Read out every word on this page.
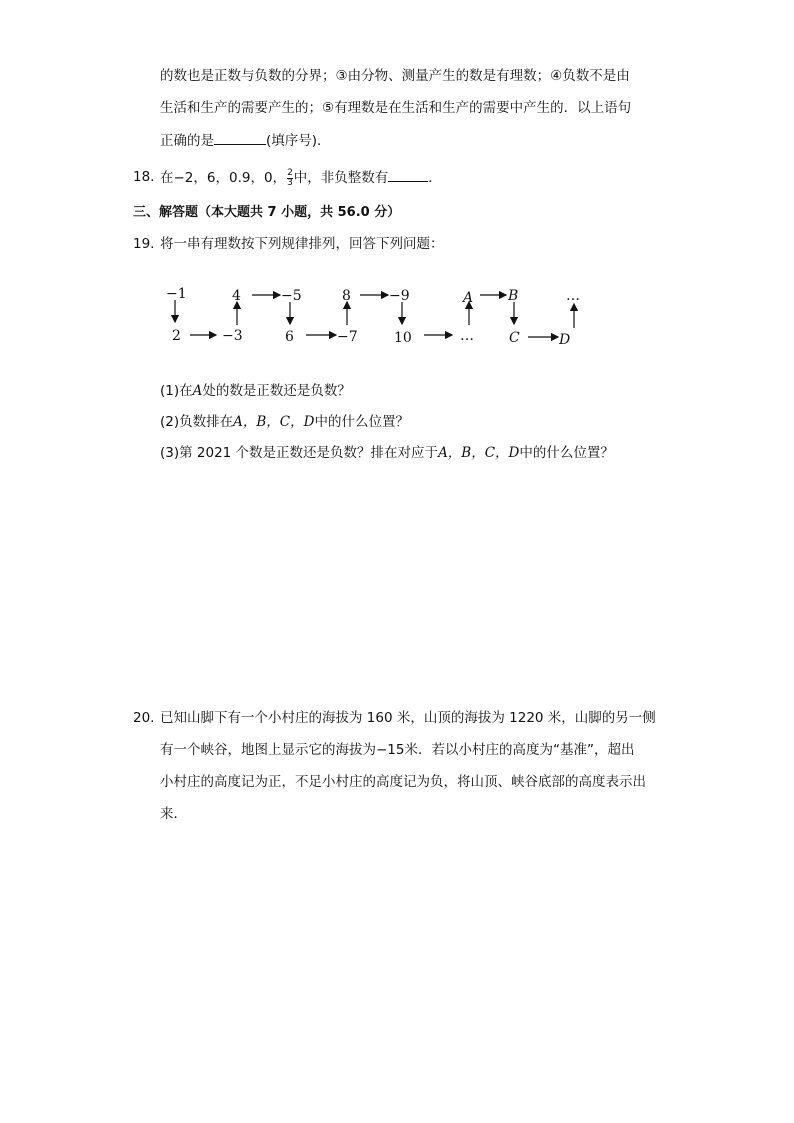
的数也是正数与负数的分界；③由分物、测量产生的数是有理数；④负数不是由
生活和生产的需要产生的；⑤有理数是在生活和生产的需要中产生的．以上语句
正确的是	(填序号)．
18. 在−2，6，0.9，0， $\frac{2}{3}$ 中，非负整数有	．
三、解答题（本大题共 7 小题，共 56.0 分）
19. 将一串有理数按下列规律排列，回答下列问题：
−1
2	−3
4	−5
6	−7
8	−9
10	…
A B
C	D
…
(1)在A处的数是正数还是负数？
(2)负数排在A，B，C，D中的什么位置？
(3)第 2021 个数是正数还是负数？排在对应于A，B，C，D中的什么位置？
20. 已知山脚下有一个小村庄的海拔为 160 米，山顶的海拔为 1220 米，山脚的另一侧
有一个峡谷，地图上显示它的海拔为−15米．若以小村庄的高度为“基准”，超出
小村庄的高度记为正，不足小村庄的高度记为负，将山顶、峡谷底部的高度表示出
来．
